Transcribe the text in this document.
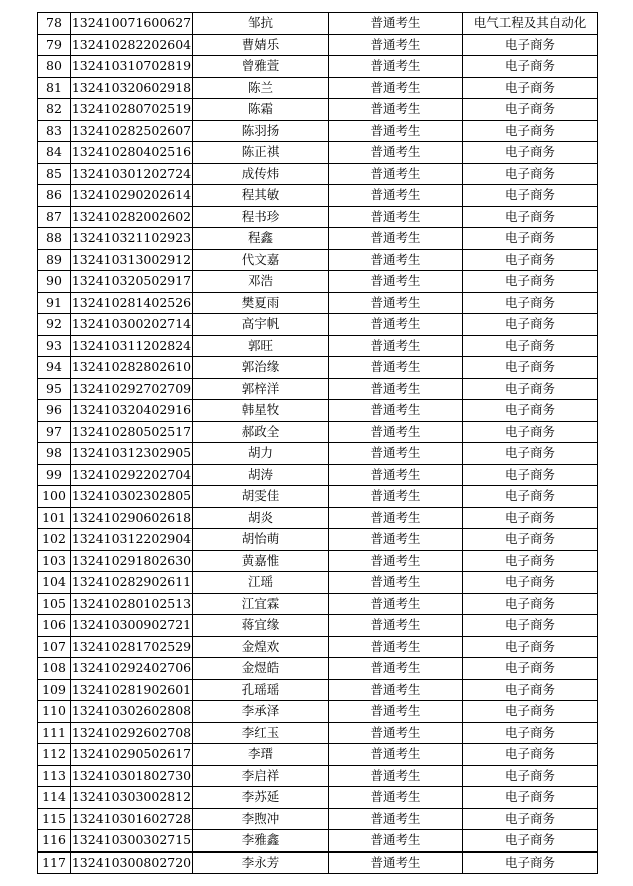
78	132410071600627	邹抗	普通考生	电气工程及其自动化
79	132410282202604	曹婧乐	普通考生	电子商务
80	132410310702819	曾雅萱	普通考生	电子商务
81	132410320602918	陈兰	普通考生	电子商务
82	132410280702519	陈霜	普通考生	电子商务
83	132410282502607	陈羽扬	普通考生	电子商务
84	132410280402516	陈正祺	普通考生	电子商务
85	132410301202724	成传炜	普通考生	电子商务
86	132410290202614	程其敏	普通考生	电子商务
87	132410282002602	程书珍	普通考生	电子商务
88	132410321102923	程鑫	普通考生	电子商务
89	132410313002912	代文嘉	普通考生	电子商务
90	132410320502917	邓浩	普通考生	电子商务
91	132410281402526	樊夏雨	普通考生	电子商务
92	132410300202714	高宇帆	普通考生	电子商务
93	132410311202824	郭旺	普通考生	电子商务
94	132410282802610	郭治缘	普通考生	电子商务
95	132410292702709	郭梓洋	普通考生	电子商务
96	132410320402916	韩星牧	普通考生	电子商务
97	132410280502517	郝政全	普通考生	电子商务
98	132410312302905	胡力	普通考生	电子商务
99	132410292202704	胡涛	普通考生	电子商务
100	132410302302805	胡雯佳	普通考生	电子商务
101	132410290602618	胡炎	普通考生	电子商务
102	132410312202904	胡怡萌	普通考生	电子商务
103	132410291802630	黄嘉惟	普通考生	电子商务
104	132410282902611	江瑶	普通考生	电子商务
105	132410280102513	江宜霖	普通考生	电子商务
106	132410300902721	蒋宜缘	普通考生	电子商务
107	132410281702529	金煌欢	普通考生	电子商务
108	132410292402706	金煜皓	普通考生	电子商务
109	132410281902601	孔瑶瑶	普通考生	电子商务
110	132410302602808	李承泽	普通考生	电子商务
111	132410292602708	李红玉	普通考生	电子商务
112	132410290502617	李瑨	普通考生	电子商务
113	132410301802730	李启祥	普通考生	电子商务
114	132410303002812	李苏延	普通考生	电子商务
115	132410301602728	李煦冲	普通考生	电子商务
116	132410300302715	李雅鑫	普通考生	电子商务
117	132410300802720	李永芳	普通考生	电子商务
